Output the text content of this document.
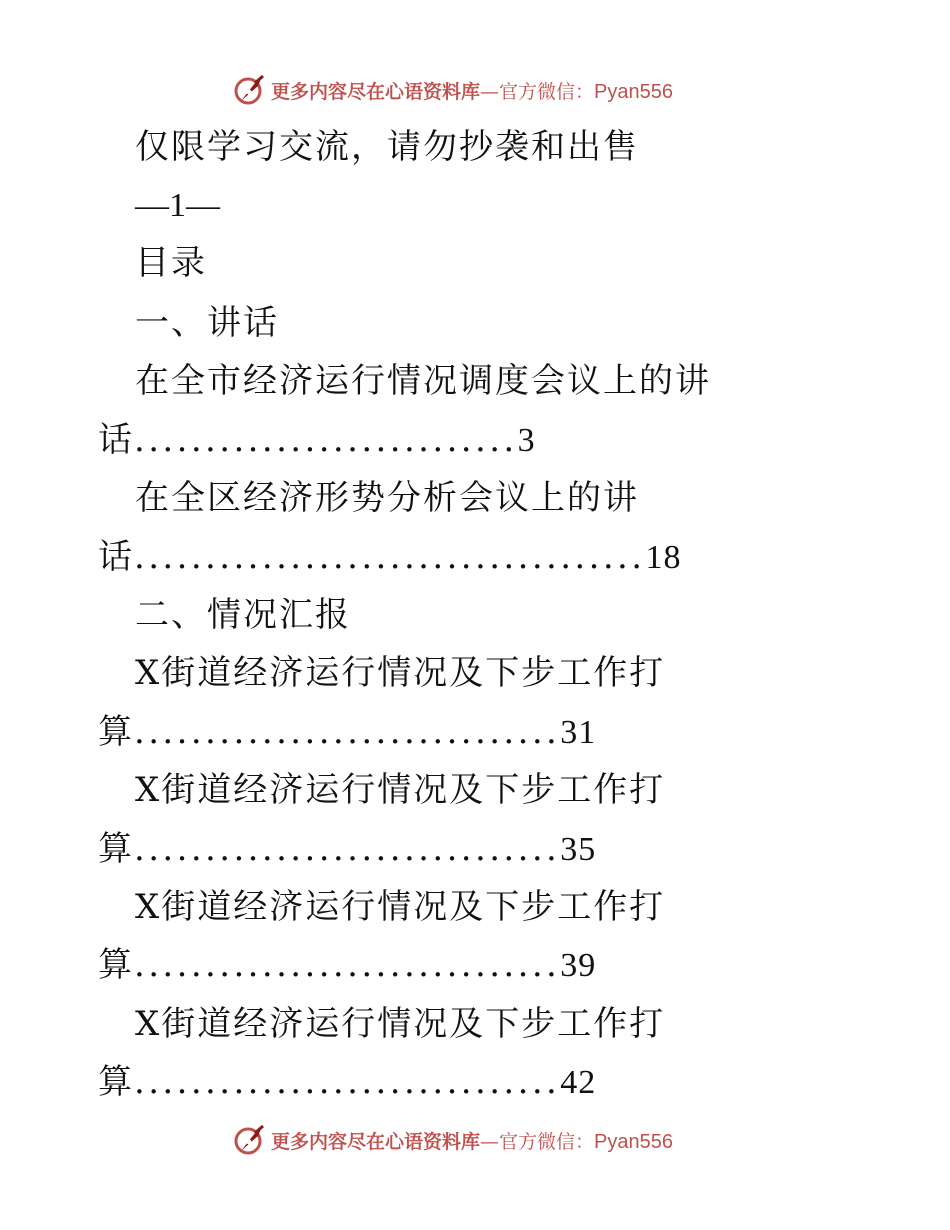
更多内容尽在心语资料库—官方微信：Pyan556
仅限学习交流，请勿抄袭和出售
—1—
目录
一、讲话
在全市经济运行情况调度会议上的讲
话...........................3
在全区经济形势分析会议上的讲
话....................................18
二、情况汇报
X街道经济运行情况及下步工作打
算..............................31
X街道经济运行情况及下步工作打
算..............................35
X街道经济运行情况及下步工作打
算..............................39
X街道经济运行情况及下步工作打
算..............................42
更多内容尽在心语资料库—官方微信：Pyan556
